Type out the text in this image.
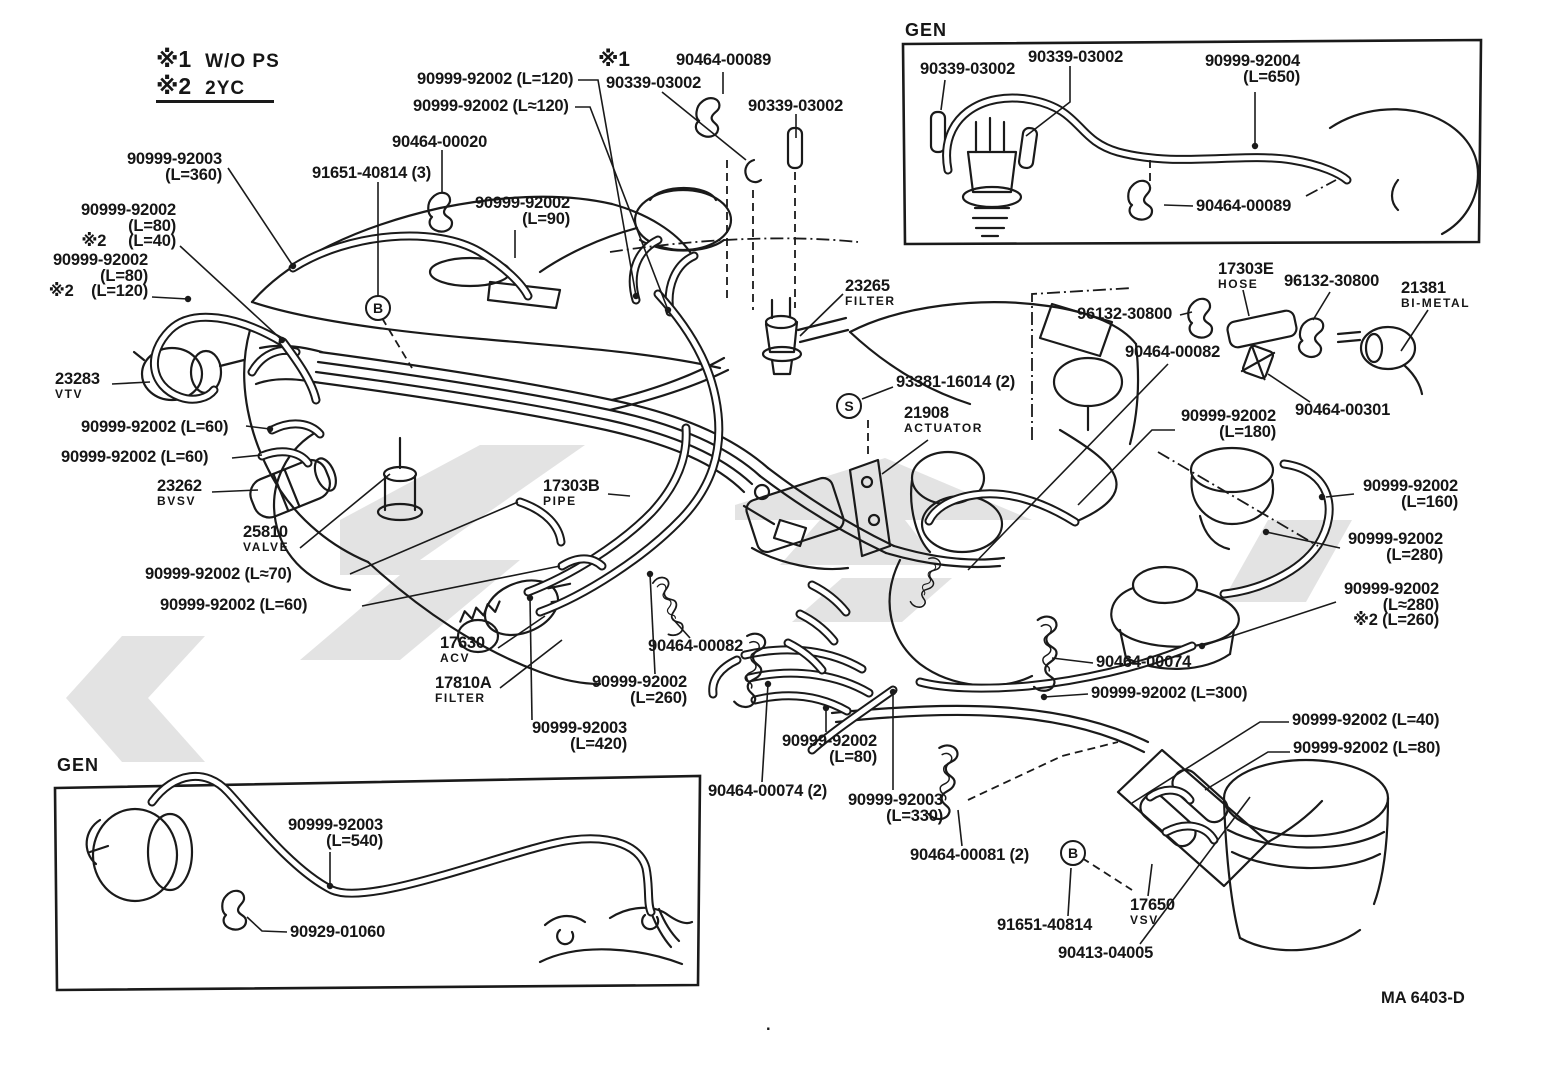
※1 W/O PS
※2 2YC
GEN
GEN
MA 6403-D
90999-92002 (L=120)
90999-92002 (L≈120)
90464-00020
91651-40814 (3)
90999-92002
(L=90)
※1
90339-03002
90464-00089
90339-03002
90999-92003
(L=360)
90999-92002
(L=80)
※2     (L=40)
90999-92002
(L=80)
※2    (L=120)
23283
VTV
90999-92002 (L=60)
90999-92002 (L=60)
23262
BVSV
25810
VALVE
90999-92002 (L≈70)
90999-92002 (L=60)
17630
ACV
17810A
FILTER
17303B
PIPE
23265
FILTER
93381-16014 (2)
21908
ACTUATOR
90464-00082
90999-92002
(L=260)
90999-92003
(L=420)	90999-92002
(L=80)
90464-00074 (2) 90999-92003
(L=330)
90464-00081 (2)
91651-40814
90413-04005
17650
VSV
90464-00074
90999-92002 (L=300)
90999-92002 (L=40)
90999-92002 (L=80)
96132-30800
17303E
HOSE	96132-30800 21381
BI-METAL
90464-00082
90464-00301
90999-92002
(L=180)
90999-92002
(L=160)
90999-92002
(L=280)
90999-92002
(L≈280)
※2 (L=260)
90339-03002
90339-03002	90999-92004
(L=650)
90464-00089
90999-92003
(L=540)
90929-01060
.
B
S
B
